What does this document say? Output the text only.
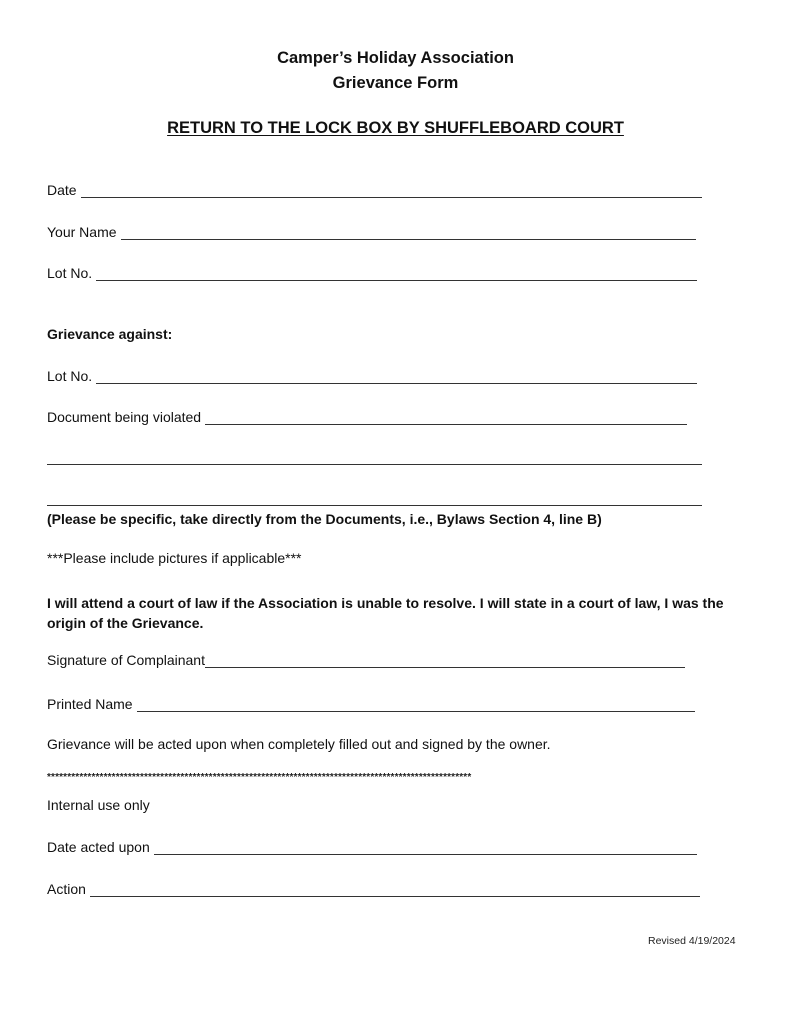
Camper’s Holiday Association
Grievance Form
RETURN TO THE LOCK BOX BY SHUFFLEBOARD COURT
Date
Your Name
Lot No.
Grievance against:
Lot No.
Document being violated
(Please be specific, take directly from the Documents, i.e., Bylaws Section 4, line B)
***Please include pictures if applicable***
I will attend a court of law if the Association is unable to resolve. I will state in a court of law, I was the origin of the Grievance.
Signature of Complainant
Printed Name
Grievance will be acted upon when completely filled out and signed by the owner.
*********************************************************************************************************
Internal use only
Date acted upon
Action
Revised 4/19/2024
